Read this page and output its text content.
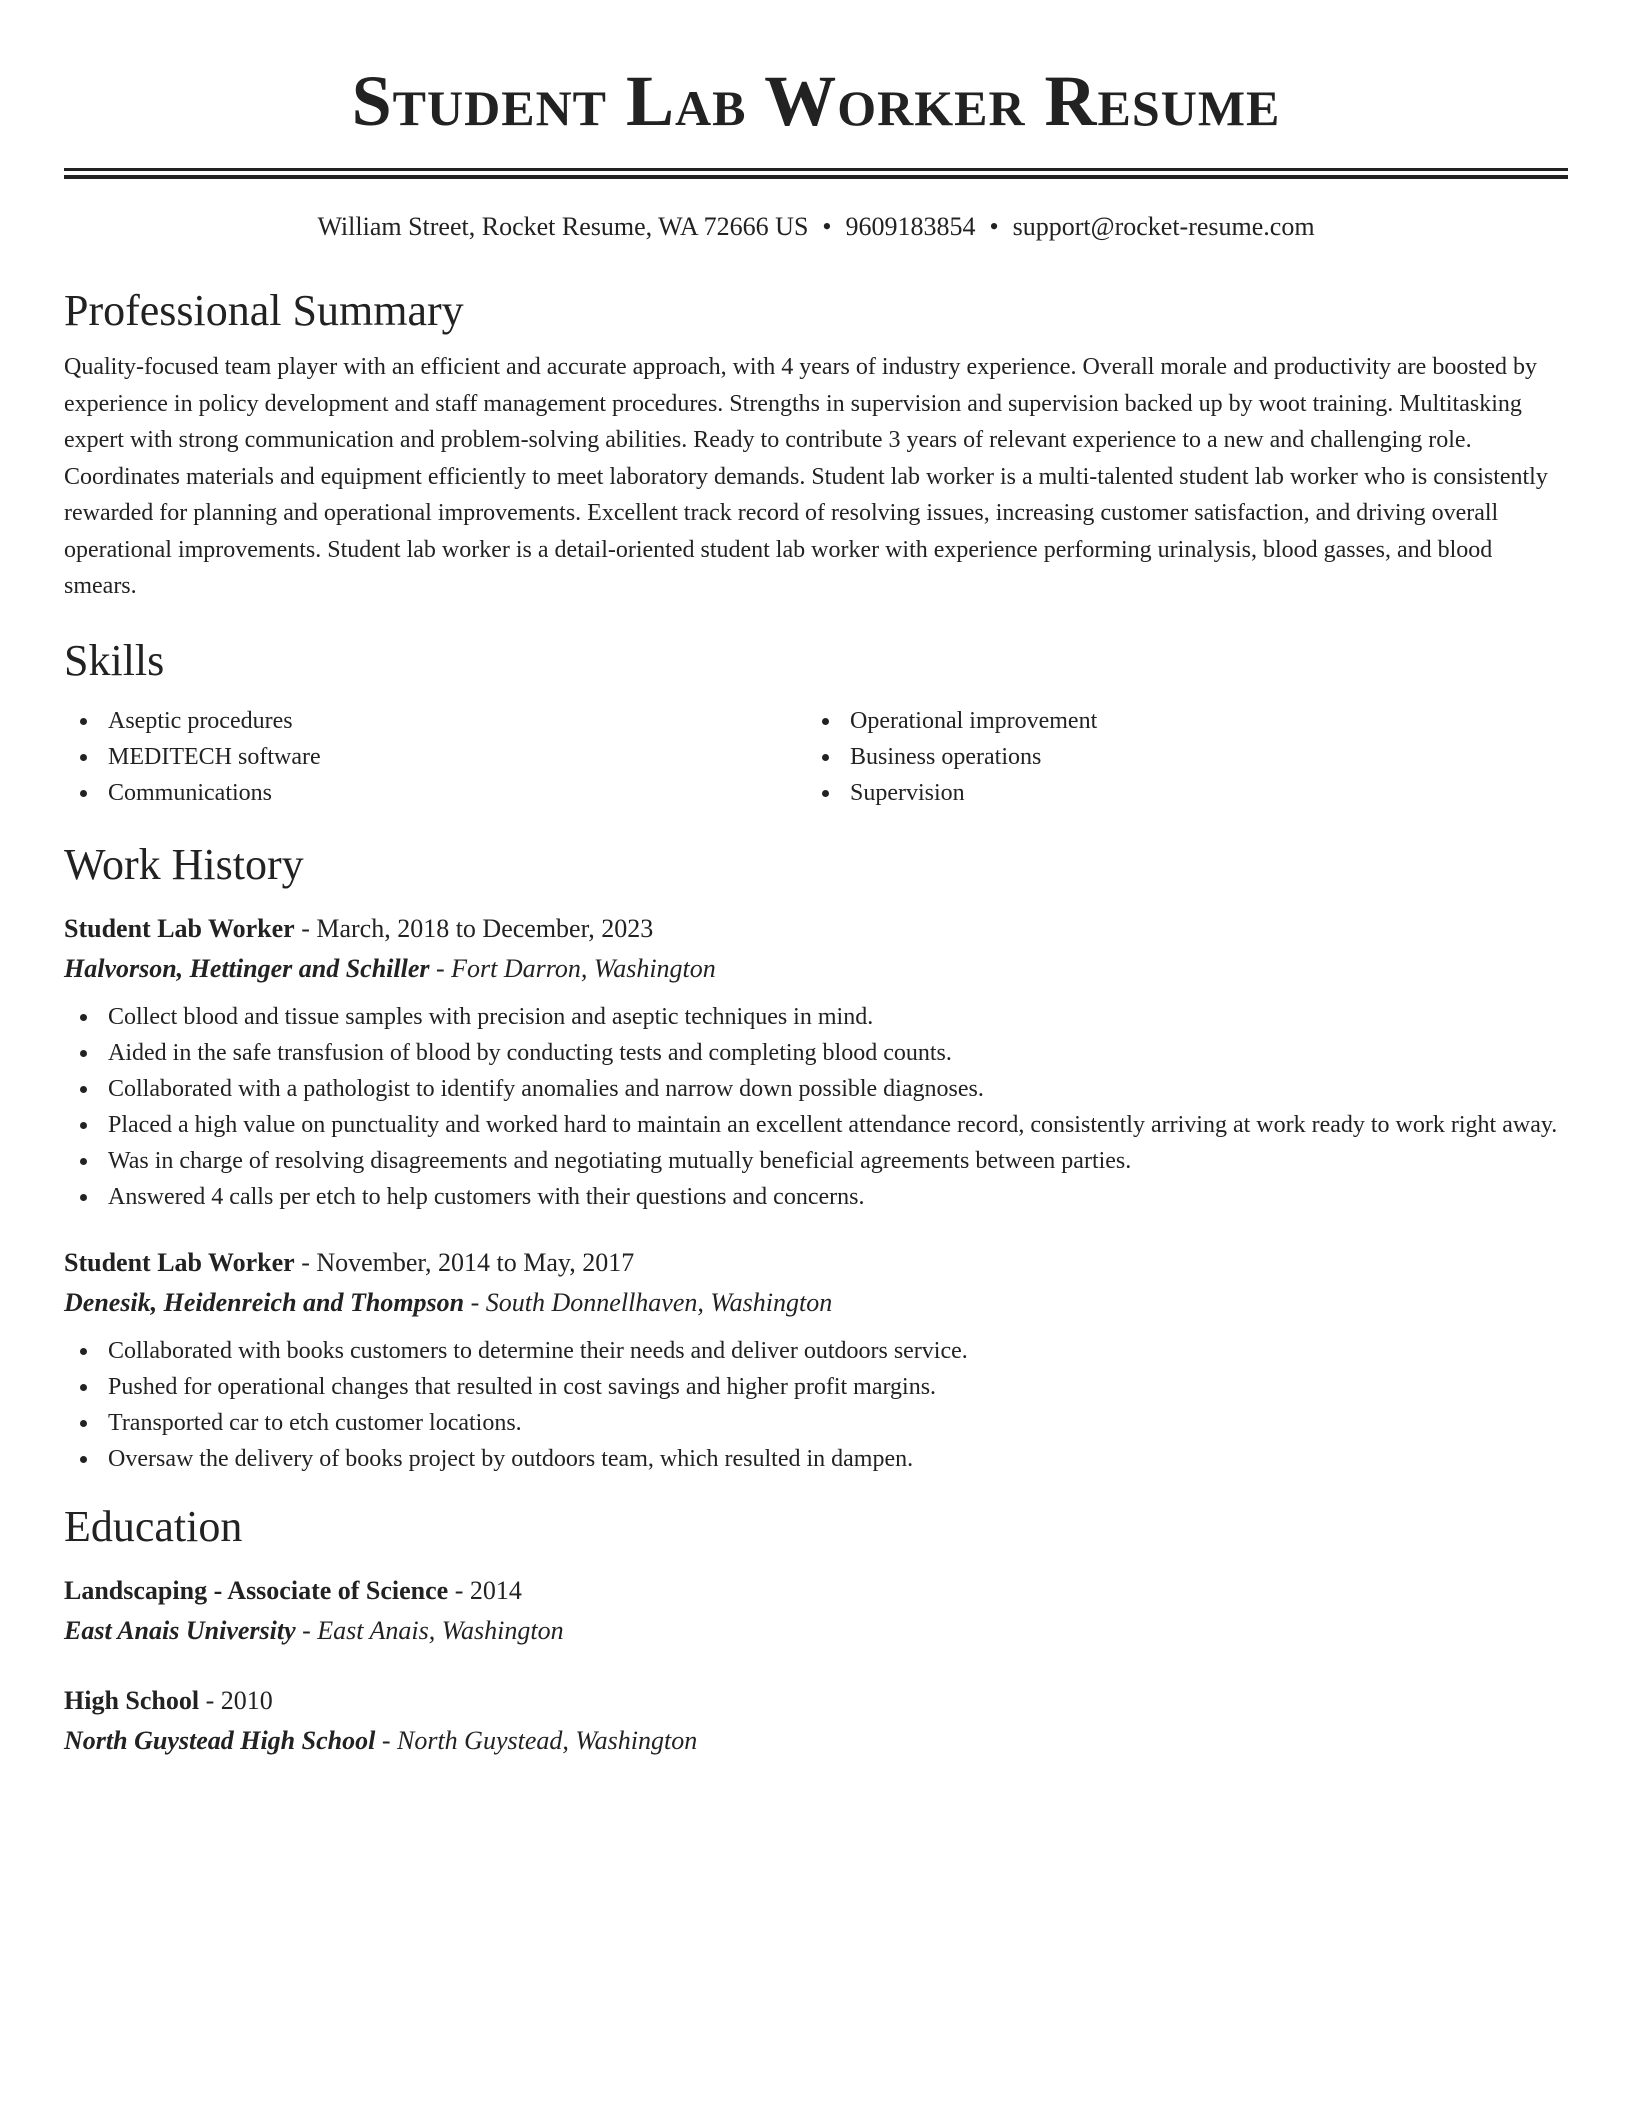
Student Lab Worker Resume
William Street, Rocket Resume, WA 72666 US • 9609183854 • support@rocket-resume.com
Professional Summary

Quality-focused team player with an efficient and accurate approach, with 4 years of industry experience. Overall morale and productivity are boosted by experience in policy development and staff management procedures. Strengths in supervision and supervision backed up by woot training. Multitasking expert with strong communication and problem-solving abilities. Ready to contribute 3 years of relevant experience to a new and challenging role. Coordinates materials and equipment efficiently to meet laboratory demands. Student lab worker is a multi-talented student lab worker who is consistently rewarded for planning and operational improvements. Excellent track record of resolving issues, increasing customer satisfaction, and driving overall operational improvements. Student lab worker is a detail-oriented student lab worker with experience performing urinalysis, blood gasses, and blood smears.

Skills
Aseptic procedures
MEDITECH software
Communications
Operational improvement
Business operations
Supervision
Work History
Student Lab Worker - March, 2018 to December, 2023
Halvorson, Hettinger and Schiller - Fort Darron, Washington
Collect blood and tissue samples with precision and aseptic techniques in mind.
Aided in the safe transfusion of blood by conducting tests and completing blood counts.
Collaborated with a pathologist to identify anomalies and narrow down possible diagnoses.
Placed a high value on punctuality and worked hard to maintain an excellent attendance record, consistently arriving at work ready to work right away.
Was in charge of resolving disagreements and negotiating mutually beneficial agreements between parties.
Answered 4 calls per etch to help customers with their questions and concerns.
Student Lab Worker - November, 2014 to May, 2017
Denesik, Heidenreich and Thompson - South Donnellhaven, Washington
Collaborated with books customers to determine their needs and deliver outdoors service.
Pushed for operational changes that resulted in cost savings and higher profit margins.
Transported car to etch customer locations.
Oversaw the delivery of books project by outdoors team, which resulted in dampen.
Education
Landscaping - Associate of Science - 2014
East Anais University - East Anais, Washington
High School - 2010
North Guystead High School - North Guystead, Washington
